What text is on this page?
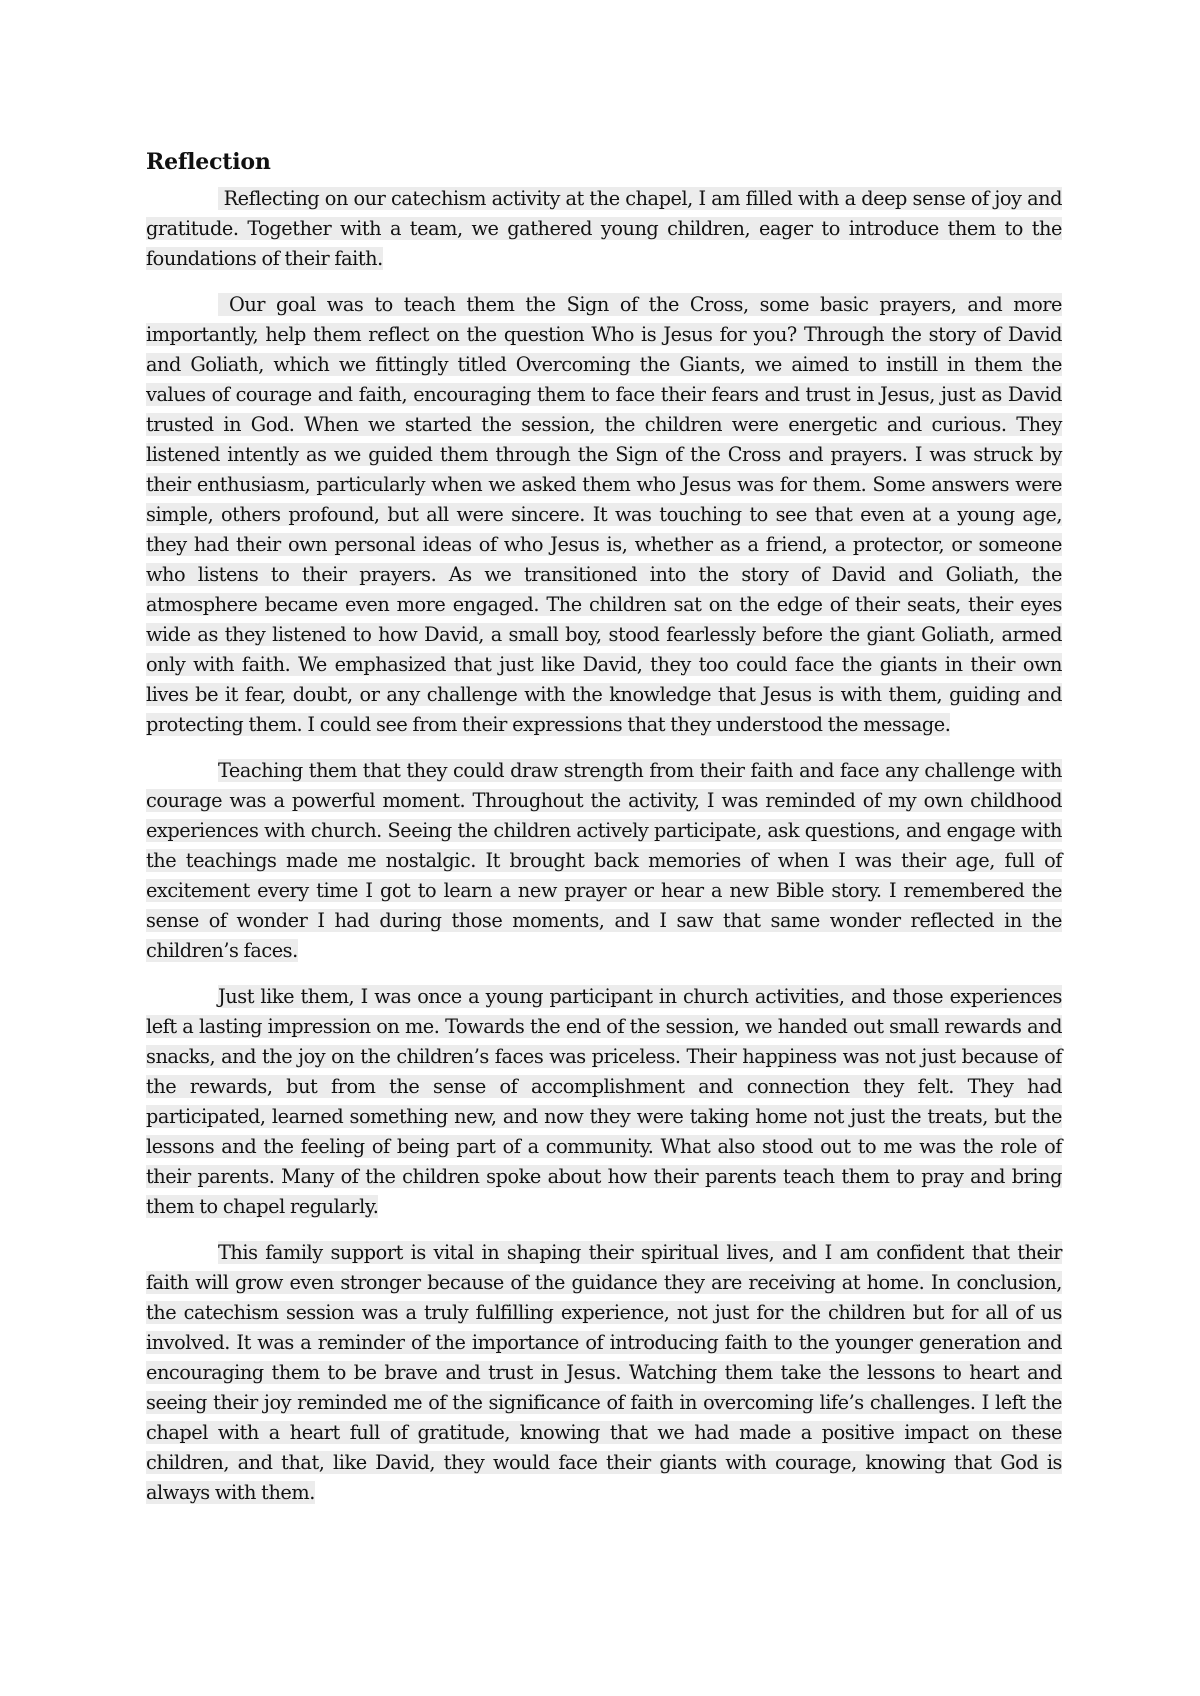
Reflection

Reflecting on our catechism activity at the chapel, I am filled with a deep sense of joy and gratitude. Together with a team, we gathered young children, eager to introduce them to the foundations of their faith.

Our goal was to teach them the Sign of the Cross, some basic prayers, and more importantly, help them reflect on the question Who is Jesus for you? Through the story of David and Goliath, which we fittingly titled Overcoming the Giants, we aimed to instill in them the values of courage and faith, encouraging them to face their fears and trust in Jesus, just as David trusted in God. When we started the session, the children were energetic and curious. They listened intently as we guided them through the Sign of the Cross and prayers. I was struck by their enthusiasm, particularly when we asked them who Jesus was for them. Some answers were simple, others profound, but all were sincere. It was touching to see that even at a young age, they had their own personal ideas of who Jesus is, whether as a friend, a protector, or someone who listens to their prayers. As we transitioned into the story of David and Goliath, the atmosphere became even more engaged. The children sat on the edge of their seats, their eyes wide as they listened to how David, a small boy, stood fearlessly before the giant Goliath, armed only with faith. We emphasized that just like David, they too could face the giants in their own lives be it fear, doubt, or any challenge with the knowledge that Jesus is with them, guiding and protecting them. I could see from their expressions that they understood the message.

Teaching them that they could draw strength from their faith and face any challenge with courage was a powerful moment. Throughout the activity, I was reminded of my own childhood experiences with church. Seeing the children actively participate, ask questions, and engage with the teachings made me nostalgic. It brought back memories of when I was their age, full of excitement every time I got to learn a new prayer or hear a new Bible story. I remembered the sense of wonder I had during those moments, and I saw that same wonder reflected in the children’s faces.

Just like them, I was once a young participant in church activities, and those experiences left a lasting impression on me. Towards the end of the session, we handed out small rewards and snacks, and the joy on the children’s faces was priceless. Their happiness was not just because of the rewards, but from the sense of accomplishment and connection they felt. They had participated, learned something new, and now they were taking home not just the treats, but the lessons and the feeling of being part of a community. What also stood out to me was the role of their parents. Many of the children spoke about how their parents teach them to pray and bring them to chapel regularly.

This family support is vital in shaping their spiritual lives, and I am confident that their faith will grow even stronger because of the guidance they are receiving at home. In conclusion, the catechism session was a truly fulfilling experience, not just for the children but for all of us involved. It was a reminder of the importance of introducing faith to the younger generation and encouraging them to be brave and trust in Jesus. Watching them take the lessons to heart and seeing their joy reminded me of the significance of faith in overcoming life’s challenges. I left the chapel with a heart full of gratitude, knowing that we had made a positive impact on these children, and that, like David, they would face their giants with courage, knowing that God is always with them.
